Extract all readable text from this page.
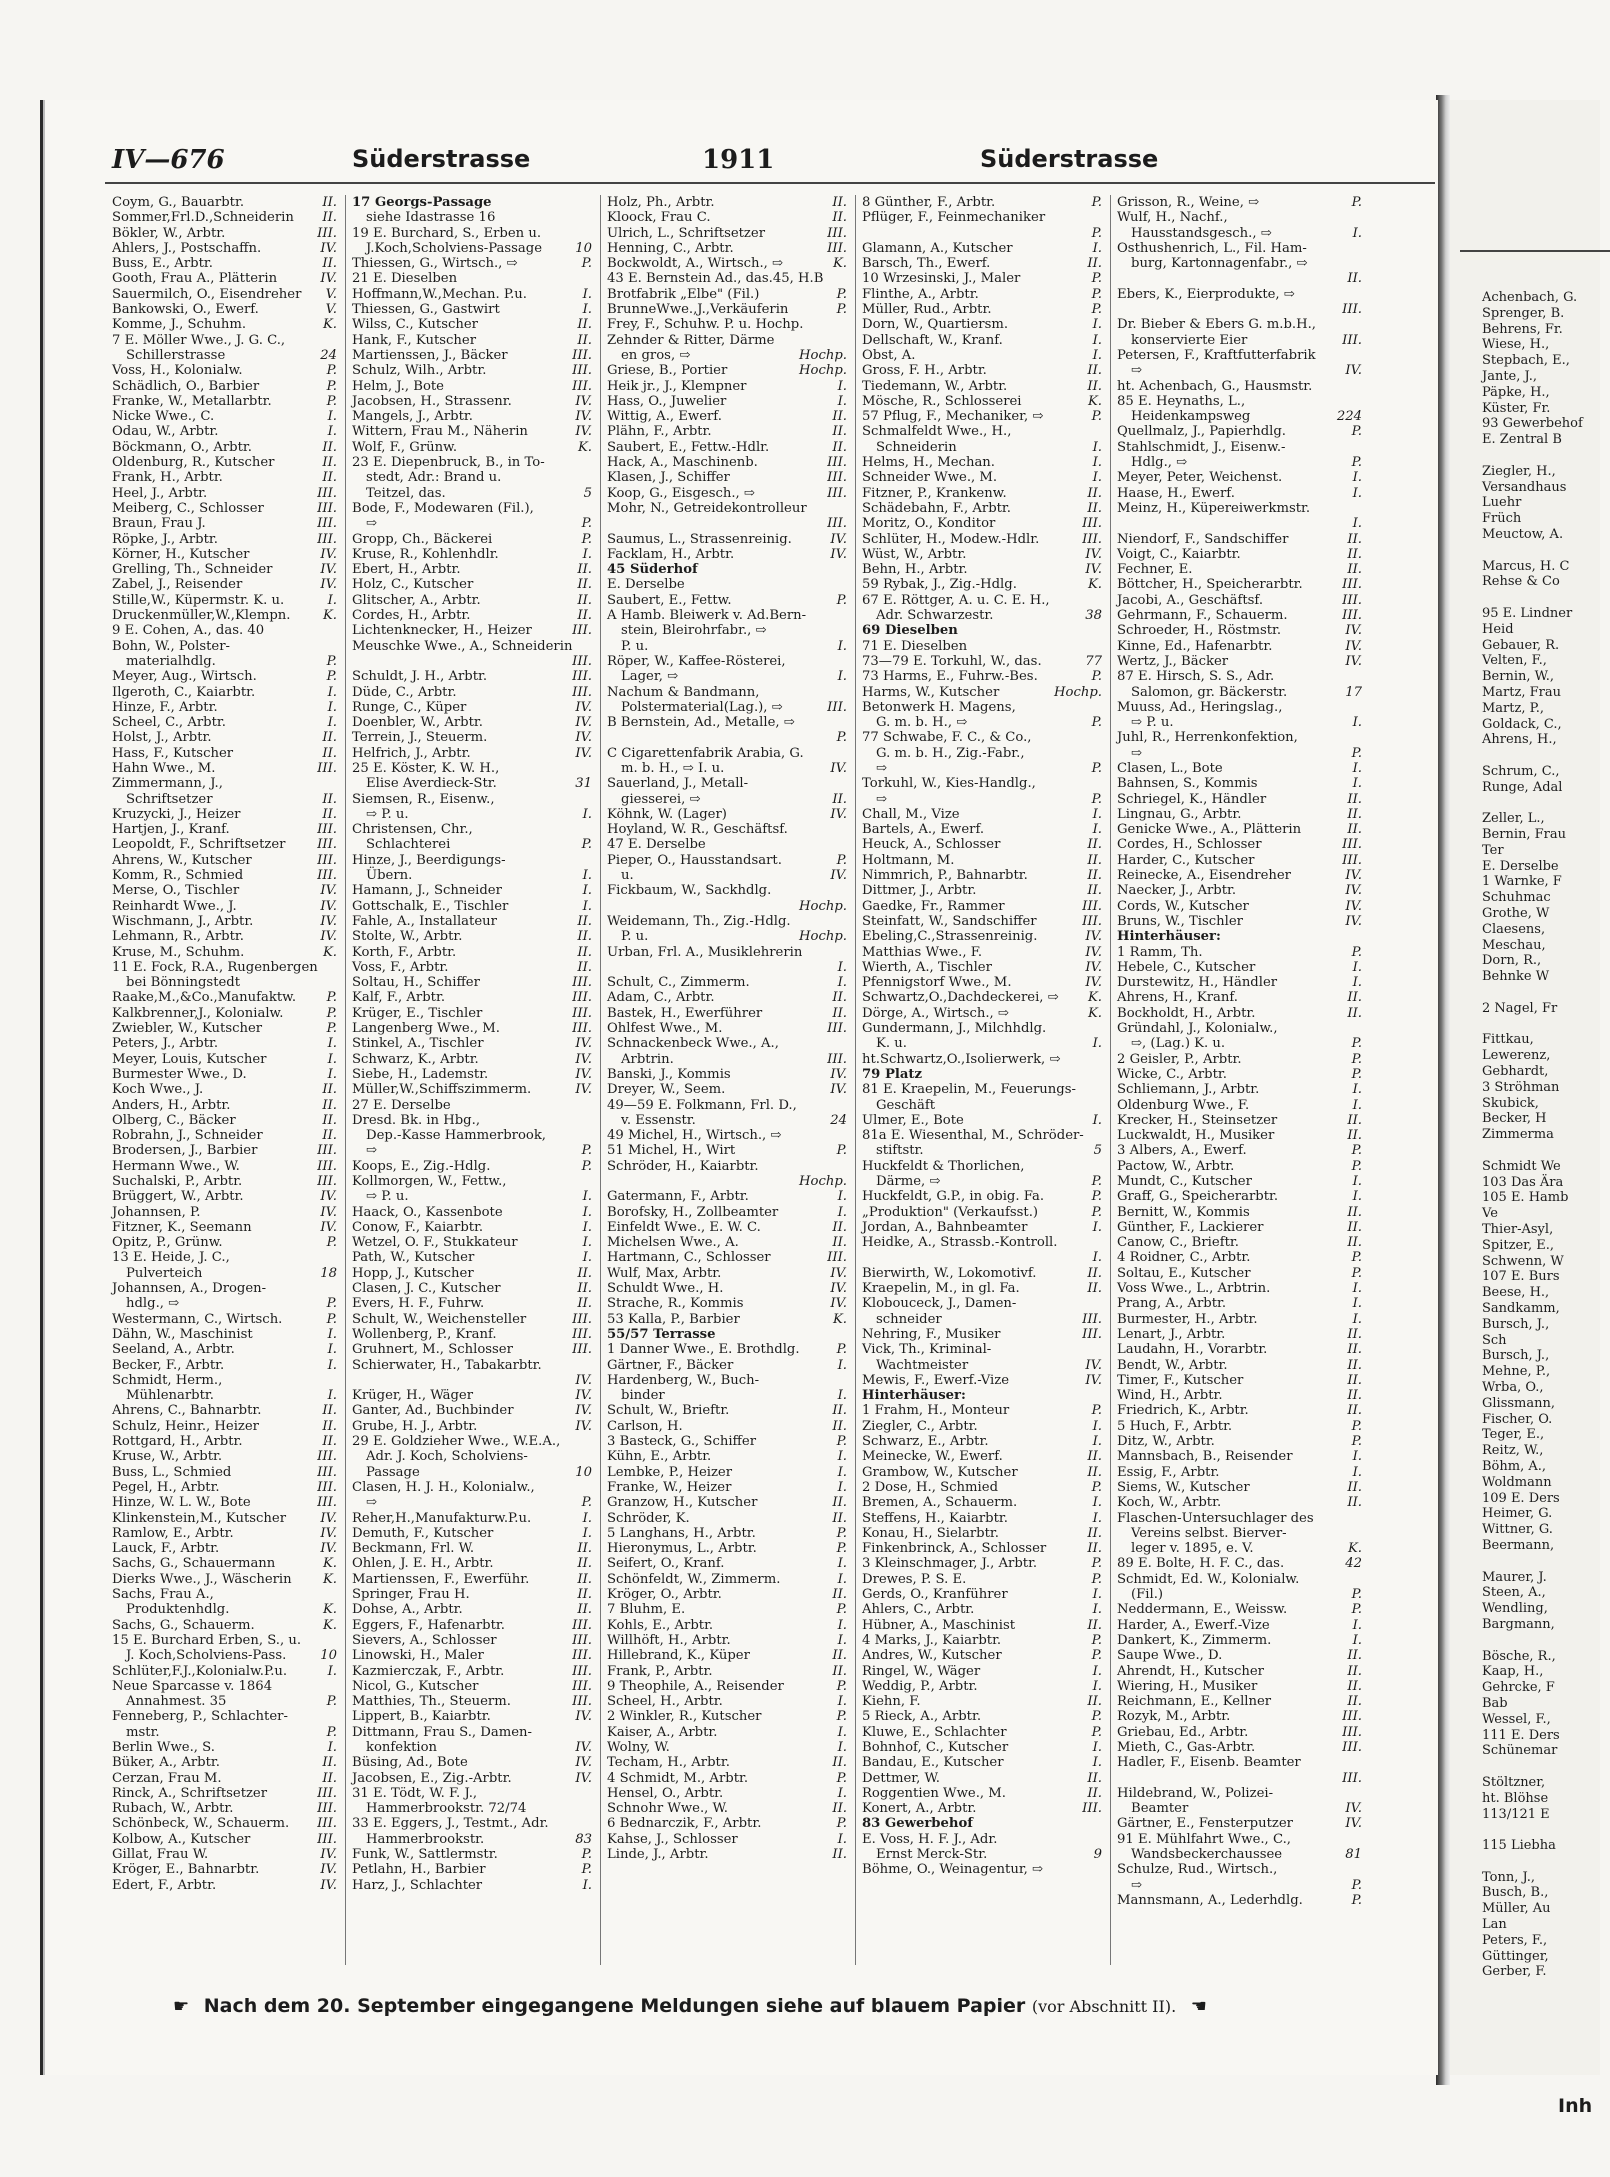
IV—676	Süderstrasse	1911	Süderstrasse
Coym, G., Bauarbtr.	II.
Sommer,Frl.D.,Schneiderin II.
Bökler, W., Arbtr.	III.
Ahlers, J., Postschaffn.	IV.
Buss, E., Arbtr.	II.
Gooth, Frau A., Plätterin	IV.
Sauermilch, O., Eisendreher V.
Bankowski, O., Ewerf.	V.
Komme, J., Schuhm.	K.
7 E. Möller Wwe., J. G. C.,
Schillerstrasse	24
Voss, H., Kolonialw.	P.
Schädlich, O., Barbier	P.
Franke, W., Metallarbtr.	P.
Nicke Wwe., C.	I.
Odau, W., Arbtr.	I.
Böckmann, O., Arbtr.	II.
Oldenburg, R., Kutscher	II.
Frank, H., Arbtr.	II.
Heel, J., Arbtr.	III.
Meiberg, C., Schlosser	III.
Braun, Frau J.	III.
Röpke, J., Arbtr.	III.
Körner, H., Kutscher	IV.
Grelling, Th., Schneider	IV.
Zabel, J., Reisender	IV.
Stille,W., Küpermstr. K. u.	I.
Druckenmüller,W.,Klempn. K.
9 E. Cohen, A., das. 40
Bohn, W., Polster-
materialhdlg.	P.
Meyer, Aug., Wirtsch.	P.
Ilgeroth, C., Kaiarbtr.	I.
Hinze, F., Arbtr.	I.
Scheel, C., Arbtr.	I.
Holst, J., Arbtr.	II.
Hass, F., Kutscher	II.
Hahn Wwe., M.	III.
Zimmermann, J.,
Schriftsetzer	II.
Kruzycki, J., Heizer	II.
Hartjen, J., Kranf.	III.
Leopoldt, F., Schriftsetzer III.
Ahrens, W., Kutscher	III.
Komm, R., Schmied	III.
Merse, O., Tischler	IV.
Reinhardt Wwe., J.	IV.
Wischmann, J., Arbtr.	IV.
Lehmann, R., Arbtr.	IV.
Kruse, M., Schuhm.	K.
11 E. Fock, R.A., Rugenbergen
bei Bönningstedt
Raake,M.,&Co.,Manufaktw. P.
Kalkbrenner,J., Kolonialw.	P.
Zwiebler, W., Kutscher	P.
Peters, J., Arbtr.	I.
Meyer, Louis, Kutscher	I.
Burmester Wwe., D.	I.
Koch Wwe., J.	II.
Anders, H., Arbtr.	II.
Olberg, C., Bäcker	II.
Robrahn, J., Schneider	II.
Brodersen, J., Barbier	III.
Hermann Wwe., W.	III.
Suchalski, P., Arbtr.	III.
Brüggert, W., Arbtr.	IV.
Johannsen, P.	IV.
Fitzner, K., Seemann	IV.
Opitz, P., Grünw.	P.
13 E. Heide, J. C.,
Pulverteich	18
Johannsen, A., Drogen-
hdlg., ⇨	P.
Westermann, C., Wirtsch.	P.
Dähn, W., Maschinist	I.
Seeland, A., Arbtr.	I.
Becker, F., Arbtr.	I.
Schmidt, Herm.,
Mühlenarbtr.	I.
Ahrens, C., Bahnarbtr.	II.
Schulz, Heinr., Heizer	II.
Rottgard, H., Arbtr.	II.
Kruse, W., Arbtr.	III.
Buss, L., Schmied	III.
Pegel, H., Arbtr.	III.
Hinze, W. L. W., Bote	III.
Klinkenstein,M., Kutscher	IV.
Ramlow, E., Arbtr.	IV.
Lauck, F., Arbtr.	IV.
Sachs, G., Schauermann	K.
Dierks Wwe., J., Wäscherin K.
Sachs, Frau A.,
Produktenhdlg.	K.
Sachs, G., Schauerm.	K.
15 E. Burchard Erben, S., u.
J. Koch,Scholviens-Pass.	10
Schlüter,F.J.,Kolonialw.P.u.	I.
Neue Sparcasse v. 1864
Annahmest. 35	P.
Fenneberg, P., Schlachter-
mstr.	P.
Berlin Wwe., S.	I.
Büker, A., Arbtr.	II.
Cerzan, Frau M.	II.
Rinck, A., Schriftsetzer	III.
Rubach, W., Arbtr.	III.
Schönbeck, W., Schauerm. III.
Kolbow, A., Kutscher	III.
Gillat, Frau W.	IV.
Kröger, E., Bahnarbtr.	IV.
Edert, F., Arbtr.	IV.
17 Georgs-Passage
siehe Idastrasse 16
19 E. Burchard, S., Erben u.
J.Koch,Scholviens-Passage	10
Thiessen, G., Wirtsch., ⇨	P.
21 E. Dieselben
Hoffmann,W.,Mechan. P.u.	I.
Thiessen, G., Gastwirt	I.
Wilss, C., Kutscher	II.
Hank, F., Kutscher	II.
Martienssen, J., Bäcker	III.
Schulz, Wilh., Arbtr.	III.
Helm, J., Bote	III.
Jacobsen, H., Strassenr.	IV.
Mangels, J., Arbtr.	IV.
Wittern, Frau M., Näherin	IV.
Wolf, F., Grünw.	K.
23 E. Diepenbruck, B., in To-
stedt, Adr.: Brand u.
Teitzel, das.	5
Bode, F., Modewaren (Fil.),
⇨	P.
Gropp, Ch., Bäckerei	P.
Kruse, R., Kohlenhdlr.	I.
Ebert, H., Arbtr.	II.
Holz, C., Kutscher	II.
Glitscher, A., Arbtr.	II.
Cordes, H., Arbtr.	II.
Lichtenknecker, H., Heizer	III.
Meuschke Wwe., A., Schneiderin
III.
Schuldt, J. H., Arbtr.	III.
Düde, C., Arbtr.	III.
Runge, C., Küper	IV.
Doenbler, W., Arbtr.	IV.
Terrein, J., Steuerm.	IV.
Helfrich, J., Arbtr.	IV.
25 E. Köster, K. W. H.,
Elise Averdieck-Str.	31
Siemsen, R., Eisenw.,
⇨ P. u.	I.
Christensen, Chr.,
Schlachterei	P.
Hinze, J., Beerdigungs-
Übern.	I.
Hamann, J., Schneider	I.
Gottschalk, E., Tischler	I.
Fahle, A., Installateur	II.
Stolte, W., Arbtr.	II.
Korth, F., Arbtr.	II.
Voss, F., Arbtr.	II.
Soltau, H., Schiffer	III.
Kalf, F., Arbtr.	III.
Krüger, E., Tischler	III.
Langenberg Wwe., M.	III.
Stinkel, A., Tischler	IV.
Schwarz, K., Arbtr.	IV.
Siebe, H., Lademstr.	IV.
Müller,W.,Schiffszimmerm.	IV.
27 E. Derselbe
Dresd. Bk. in Hbg.,
Dep.-Kasse Hammerbrook,
⇨	P.
Koops, E., Zig.-Hdlg.	P.
Kollmorgen, W., Fettw.,
⇨ P. u.	I.
Haack, O., Kassenbote	I.
Conow, F., Kaiarbtr.	I.
Wetzel, O. F., Stukkateur	I.
Path, W., Kutscher	I.
Hopp, J., Kutscher	II.
Clasen, J. C., Kutscher	II.
Evers, H. F., Fuhrw.	II.
Schult, W., Weichensteller	III.
Wollenberg, P., Kranf.	III.
Gruhnert, M., Schlosser	III.
Schierwater, H., Tabakarbtr.
IV.
Krüger, H., Wäger	IV.
Ganter, Ad., Buchbinder	IV.
Grube, H. J., Arbtr.	IV.
29 E. Goldzieher Wwe., W.E.A.,
Adr. J. Koch, Scholviens-
Passage	10
Clasen, H. J. H., Kolonialw.,
⇨	P.
Reher,H.,Manufakturw.P.u.	I.
Demuth, F., Kutscher	I.
Beckmann, Frl. W.	II.
Ohlen, J. E. H., Arbtr.	II.
Martienssen, F., Ewerführ.	II.
Springer, Frau H.	II.
Dohse, A., Arbtr.	II.
Eggers, F., Hafenarbtr.	III.
Sievers, A., Schlosser	III.
Linowski, H., Maler	III.
Kazmierczak, F., Arbtr.	III.
Nicol, G., Kutscher	III.
Matthies, Th., Steuerm.	III.
Lippert, B., Kaiarbtr.	IV.
Dittmann, Frau S., Damen-
konfektion	IV.
Büsing, Ad., Bote	IV.
Jacobsen, E., Zig.-Arbtr.	IV.
31 E. Tödt, W. F. J.,
Hammerbrookstr. 72/74
33 E. Eggers, J., Testmt., Adr.
Hammerbrookstr.	83
Funk, W., Sattlermstr.	P.
Petlahn, H., Barbier	P.
Harz, J., Schlachter	I.
Holz, Ph., Arbtr.	II.
Kloock, Frau C.	II.
Ulrich, L., Schriftsetzer	III.
Henning, C., Arbtr.	III.
Bockwoldt, A., Wirtsch., ⇨	K.
43 E. Bernstein Ad., das.45, H.B
Brotfabrik „Elbe" (Fil.)	P.
BrunneWwe.,J.,Verkäuferin	P.
Frey, F., Schuhw. P. u. Hochp.
Zehnder & Ritter, Därme
en gros, ⇨	Hochp.
Griese, B., Portier	Hochp.
Heik jr., J., Klempner	I.
Hass, O., Juwelier	I.
Wittig, A., Ewerf.	II.
Plähn, F., Arbtr.	II.
Saubert, E., Fettw.-Hdlr.	II.
Hack, A., Maschinenb.	III.
Klasen, J., Schiffer	III.
Koop, G., Eisgesch., ⇨	III.
Mohr, N., Getreidekontrolleur
III.
Saumus, L., Strassenreinig.	IV.
Facklam, H., Arbtr.	IV.
45 Süderhof
E. Derselbe
Saubert, E., Fettw.	P.
A Hamb. Bleiwerk v. Ad.Bern-
stein, Bleirohrfabr., ⇨
P. u.	I.
Röper, W., Kaffee-Rösterei,
Lager, ⇨	I.
Nachum & Bandmann,
Polstermaterial(Lag.), ⇨	III.
B Bernstein, Ad., Metalle, ⇨
P.
C Cigarettenfabrik Arabia, G.
m. b. H., ⇨ I. u.	IV.
Sauerland, J., Metall-
giesserei, ⇨	II.
Köhnk, W. (Lager)	IV.
Hoyland, W. R., Geschäftsf.
47 E. Derselbe
Pieper, O., Hausstandsart.	P.
u.	IV.
Fickbaum, W., Sackhdlg.
Hochp.
Weidemann, Th., Zig.-Hdlg.
P. u.	Hochp.
Urban, Frl. A., Musiklehrerin
I.
Schult, C., Zimmerm.	I.
Adam, C., Arbtr.	II.
Bastek, H., Ewerführer	II.
Ohlfest Wwe., M.	III.
Schnackenbeck Wwe., A.,
Arbtrin.	III.
Banski, J., Kommis	IV.
Dreyer, W., Seem.	IV.
49—59 E. Folkmann, Frl. D.,
v. Essenstr.	24
49 Michel, H., Wirtsch., ⇨
51 Michel, H., Wirt	P.
Schröder, H., Kaiarbtr.
Hochp.
Gatermann, F., Arbtr.	I.
Borofsky, H., Zollbeamter	I.
Einfeldt Wwe., E. W. C.	II.
Michelsen Wwe., A.	II.
Hartmann, C., Schlosser	III.
Wulf, Max, Arbtr.	IV.
Schuldt Wwe., H.	IV.
Strache, R., Kommis	IV.
53 Kalla, P., Barbier	K.
55/57 Terrasse
1 Danner Wwe., E. Brothdlg.	P.
Gärtner, F., Bäcker	I.
Hardenberg, W., Buch-
binder	I.
Schult, W., Brieftr.	II.
Carlson, H.	II.
3 Basteck, G., Schiffer	P.
Kühn, E., Arbtr.	I.
Lembke, P., Heizer	I.
Franke, W., Heizer	I.
Granzow, H., Kutscher	II.
Schröder, K.	II.
5 Langhans, H., Arbtr.	P.
Hieronymus, L., Arbtr.	P.
Seifert, O., Kranf.	I.
Schönfeldt, W., Zimmerm.	I.
Kröger, O., Arbtr.	II.
7 Bluhm, E.	P.
Kohls, E., Arbtr.	I.
Willhöft, H., Arbtr.	I.
Hillebrand, K., Küper	II.
Frank, P., Arbtr.	II.
9 Theophile, A., Reisender	P.
Scheel, H., Arbtr.	I.
2 Winkler, R., Kutscher	P.
Kaiser, A., Arbtr.	I.
Wolny, W.	I.
Techam, H., Arbtr.	II.
4 Schmidt, M., Arbtr.	P.
Hensel, O., Arbtr.	I.
Schnohr Wwe., W.	II.
6 Bednarczik, F., Arbtr.	P.
Kahse, J., Schlosser	I.
Linde, J., Arbtr.	II.
8 Günther, F., Arbtr.	P.
Pflüger, F., Feinmechaniker
P.
Glamann, A., Kutscher	I.
Barsch, Th., Ewerf.	II.
10 Wrzesinski, J., Maler	P.
Flinthe, A., Arbtr.	P.
Müller, Rud., Arbtr.	P.
Dorn, W., Quartiersm.	I.
Dellschaft, W., Kranf.	I.
Obst, A.	I.
Gross, F. H., Arbtr.	II.
Tiedemann, W., Arbtr.	II.
Mösche, R., Schlosserei	K.
57 Pflug, F., Mechaniker, ⇨	P.
Schmalfeldt Wwe., H.,
Schneiderin	I.
Helms, H., Mechan.	I.
Schneider Wwe., M.	I.
Fitzner, P., Krankenw.	II.
Schädebahn, F., Arbtr.	II.
Moritz, O., Konditor	III.
Schlüter, H., Modew.-Hdlr.	III.
Wüst, W., Arbtr.	IV.
Behn, H., Arbtr.	IV.
59 Rybak, J., Zig.-Hdlg.	K.
67 E. Röttger, A. u. C. E. H.,
Adr. Schwarzestr.	38
69 Dieselben
71 E. Dieselben
73—79 E. Torkuhl, W., das.	77
73 Harms, E., Fuhrw.-Bes.	P.
Harms, W., Kutscher	Hochp.
Betonwerk H. Magens,
G. m. b. H., ⇨	P.
77 Schwabe, F. C., & Co.,
G. m. b. H., Zig.-Fabr.,
⇨	P.
Torkuhl, W., Kies-Handlg.,
⇨	P.
Chall, M., Vize	I.
Bartels, A., Ewerf.	I.
Heuck, A., Schlosser	II.
Holtmann, M.	II.
Nimmrich, P., Bahnarbtr.	II.
Dittmer, J., Arbtr.	II.
Gaedke, Fr., Rammer	III.
Steinfatt, W., Sandschiffer	III.
Ebeling,C.,Strassenreinig.	IV.
Matthias Wwe., F.	IV.
Wierth, A., Tischler	IV.
Pfennigstorf Wwe., M.	IV.
Schwartz,O.,Dachdeckerei, ⇨ K.
Dörge, A., Wirtsch., ⇨	K.
Gundermann, J., Milchhdlg.
K. u.	I.
ht.Schwartz,O.,Isolierwerk, ⇨
79 Platz
81 E. Kraepelin, M., Feuerungs-
Geschäft
Ulmer, E., Bote	I.
81a E. Wiesenthal, M., Schröder-
stiftstr.	5
Huckfeldt & Thorlichen,
Därme, ⇨	P.
Huckfeldt, G.P., in obig. Fa.	P.
„Produktion" (Verkaufsst.)	P.
Jordan, A., Bahnbeamter	I.
Heidke, A., Strassb.-Kontroll.
I.
Bierwirth, W., Lokomotivf.	II.
Kraepelin, M., in gl. Fa.	II.
Klobouceck, J., Damen-
schneider	III.
Nehring, F., Musiker	III.
Vick, Th., Kriminal-
Wachtmeister	IV.
Mewis, F., Ewerf.-Vize	IV.
Hinterhäuser:
1 Frahm, H., Monteur	P.
Ziegler, C., Arbtr.	I.
Schwarz, E., Arbtr.	I.
Meinecke, W., Ewerf.	II.
Grambow, W., Kutscher	II.
2 Dose, H., Schmied	P.
Bremen, A., Schauerm.	I.
Steffens, H., Kaiarbtr.	I.
Konau, H., Sielarbtr.	II.
Finkenbrinck, A., Schlosser	II.
3 Kleinschmager, J., Arbtr.	P.
Drewes, P. S. E.	P.
Gerds, O., Kranführer	I.
Ahlers, C., Arbtr.	I.
Hübner, A., Maschinist	II.
4 Marks, J., Kaiarbtr.	P.
Andres, W., Kutscher	P.
Ringel, W., Wäger	I.
Weddig, P., Arbtr.	I.
Kiehn, F.	II.
5 Rieck, A., Arbtr.	P.
Kluwe, E., Schlachter	P.
Bohnhof, C., Kutscher	I.
Bandau, E., Kutscher	I.
Dettmer, W.	II.
Roggentien Wwe., M.	II.
Konert, A., Arbtr.	III.
83 Gewerbehof
E. Voss, H. F. J., Adr.
Ernst Merck-Str.	9
Böhme, O., Weinagentur, ⇨
Grisson, R., Weine, ⇨	P.
Wulf, H., Nachf.,
Hausstandsgesch., ⇨	I.
Osthushenrich, L., Fil. Ham-
burg, Kartonnagenfabr., ⇨
II.
Ebers, K., Eierprodukte, ⇨
III.
Dr. Bieber & Ebers G. m.b.H.,
konservierte Eier	III.
Petersen, F., Kraftfutterfabrik
⇨	IV.
ht. Achenbach, G., Hausmstr.
85 E. Heynaths, L.,
Heidenkampsweg	224
Quellmalz, J., Papierhdlg.	P.
Stahlschmidt, J., Eisenw.-
Hdlg., ⇨	P.
Meyer, Peter, Weichenst.	I.
Haase, H., Ewerf.	I.
Meinz, H., Küpereiwerkmstr.
I.
Niendorf, F., Sandschiffer	II.
Voigt, C., Kaiarbtr.	II.
Fechner, E.	II.
Böttcher, H., Speicherarbtr.	III.
Jacobi, A., Geschäftsf.	III.
Gehrmann, F., Schauerm.	III.
Schroeder, H., Röstmstr.	IV.
Kinne, Ed., Hafenarbtr.	IV.
Wertz, J., Bäcker	IV.
87 E. Hirsch, S. S., Adr.
Salomon, gr. Bäckerstr.	17
Muuss, Ad., Heringslag.,
⇨ P. u.	I.
Juhl, R., Herrenkonfektion,
⇨	P.
Clasen, L., Bote	I.
Bahnsen, S., Kommis	I.
Schriegel, K., Händler	II.
Lingnau, G., Arbtr.	II.
Genicke Wwe., A., Plätterin	II.
Cordes, H., Schlosser	III.
Harder, C., Kutscher	III.
Reinecke, A., Eisendreher	IV.
Naecker, J., Arbtr.	IV.
Cords, W., Kutscher	IV.
Bruns, W., Tischler	IV.
Hinterhäuser:
1 Ramm, Th.	P.
Hebele, C., Kutscher	I.
Durstewitz, H., Händler	I.
Ahrens, H., Kranf.	II.
Bockholdt, H., Arbtr.	II.
Gründahl, J., Kolonialw.,
⇨, (Lag.) K. u.	P.
2 Geisler, P., Arbtr.	P.
Wicke, C., Arbtr.	P.
Schliemann, J., Arbtr.	I.
Oldenburg Wwe., F.	I.
Krecker, H., Steinsetzer	II.
Luckwaldt, H., Musiker	II.
3 Albers, A., Ewerf.	P.
Pactow, W., Arbtr.	P.
Mundt, C., Kutscher	I.
Graff, G., Speicherarbtr.	I.
Bernitt, W., Kommis	II.
Günther, F., Lackierer	II.
Canow, C., Brieftr.	II.
4 Roidner, C., Arbtr.	P.
Soltau, E., Kutscher	P.
Voss Wwe., L., Arbtrin.	I.
Prang, A., Arbtr.	I.
Burmester, H., Arbtr.	I.
Lenart, J., Arbtr.	II.
Laudahn, H., Vorarbtr.	II.
Bendt, W., Arbtr.	II.
Timer, F., Kutscher	II.
Wind, H., Arbtr.	II.
Friedrich, K., Arbtr.	II.
5 Huch, F., Arbtr.	P.
Ditz, W., Arbtr.	P.
Mannsbach, B., Reisender	I.
Essig, F., Arbtr.	I.
Siems, W., Kutscher	II.
Koch, W., Arbtr.	II.
Flaschen-Untersuchlager des
Vereins selbst. Bierver-
leger v. 1895, e. V.	K.
89 E. Bolte, H. F. C., das.	42
Schmidt, Ed. W., Kolonialw.
(Fil.)	P.
Neddermann, E., Weissw.	P.
Harder, A., Ewerf.-Vize	I.
Dankert, K., Zimmerm.	I.
Saupe Wwe., D.	II.
Ahrendt, H., Kutscher	II.
Wiering, H., Musiker	II.
Reichmann, E., Kellner	II.
Rozyk, M., Arbtr.	III.
Griebau, Ed., Arbtr.	III.
Mieth, C., Gas-Arbtr.	III.
Hadler, F., Eisenb. Beamter
III.
Hildebrand, W., Polizei-
Beamter	IV.
Gärtner, E., Fensterputzer	IV.
91 E. Mühlfahrt Wwe., C.,
Wandsbeckerchaussee	81
Schulze, Rud., Wirtsch.,
⇨	P.
Mannsmann, A., Lederhdlg.	P.
☛ Nach dem 20. September eingegangene Meldungen siehe auf blauem Papier (vor Abschnitt II). ☚
Achenbach, G.
Sprenger, B.
Behrens, Fr.
Wiese, H.,
Stepbach, E.,
Jante, J.,
Päpke, H.,
Küster, Fr.
93 Gewerbehof
E. Zentral B

Ziegler, H.,
Versandhaus
Luehr
Früch
Meuctow, A.

Marcus, H. C
Rehse & Co

95 E. Lindner
Heid
Gebauer, R.
Velten, F.,
Bernin, W.,
Martz, Frau
Martz, P.,
Goldack, C.,
Ahrens, H.,

Schrum, C.,
Runge, Adal

Zeller, L.,
Bernin, Frau
Ter
E. Derselbe
1 Warnke, F
Schuhmac
Grothe, W
Claesens,
Meschau,
Dorn, R.,
Behnke W

2 Nagel, Fr

Fittkau,
Lewerenz,
Gebhardt,
3 Ströhman
Skubick,
Becker, H
Zimmerma

Schmidt We
103 Das Ära
105 E. Hamb
Ve
Thier-Asyl,
Spitzer, E.,
Schwenn, W
107 E. Burs
Beese, H.,
Sandkamm,
Bursch, J.,
Sch
Bursch, J.,
Mehne, P.,
Wrba, O.,
Glissmann,
Fischer, O.
Teger, E.,
Reitz, W.,
Böhm, A.,
Woldmann
109 E. Ders
Heimer, G.
Wittner, G.
Beermann,

Maurer, J.
Steen, A.,
Wendling,
Bargmann,

Bösche, R.,
Kaap, H.,
Gehrcke, F
Bab
Wessel, F.,
111 E. Ders
Schünemar

Stöltzner,
ht. Blöhse
113/121 E

115 Liebha

Tonn, J.,
Busch, B.,
Müller, Au
Lan
Peters, F.,
Güttinger,
Gerber, F.
Inh
